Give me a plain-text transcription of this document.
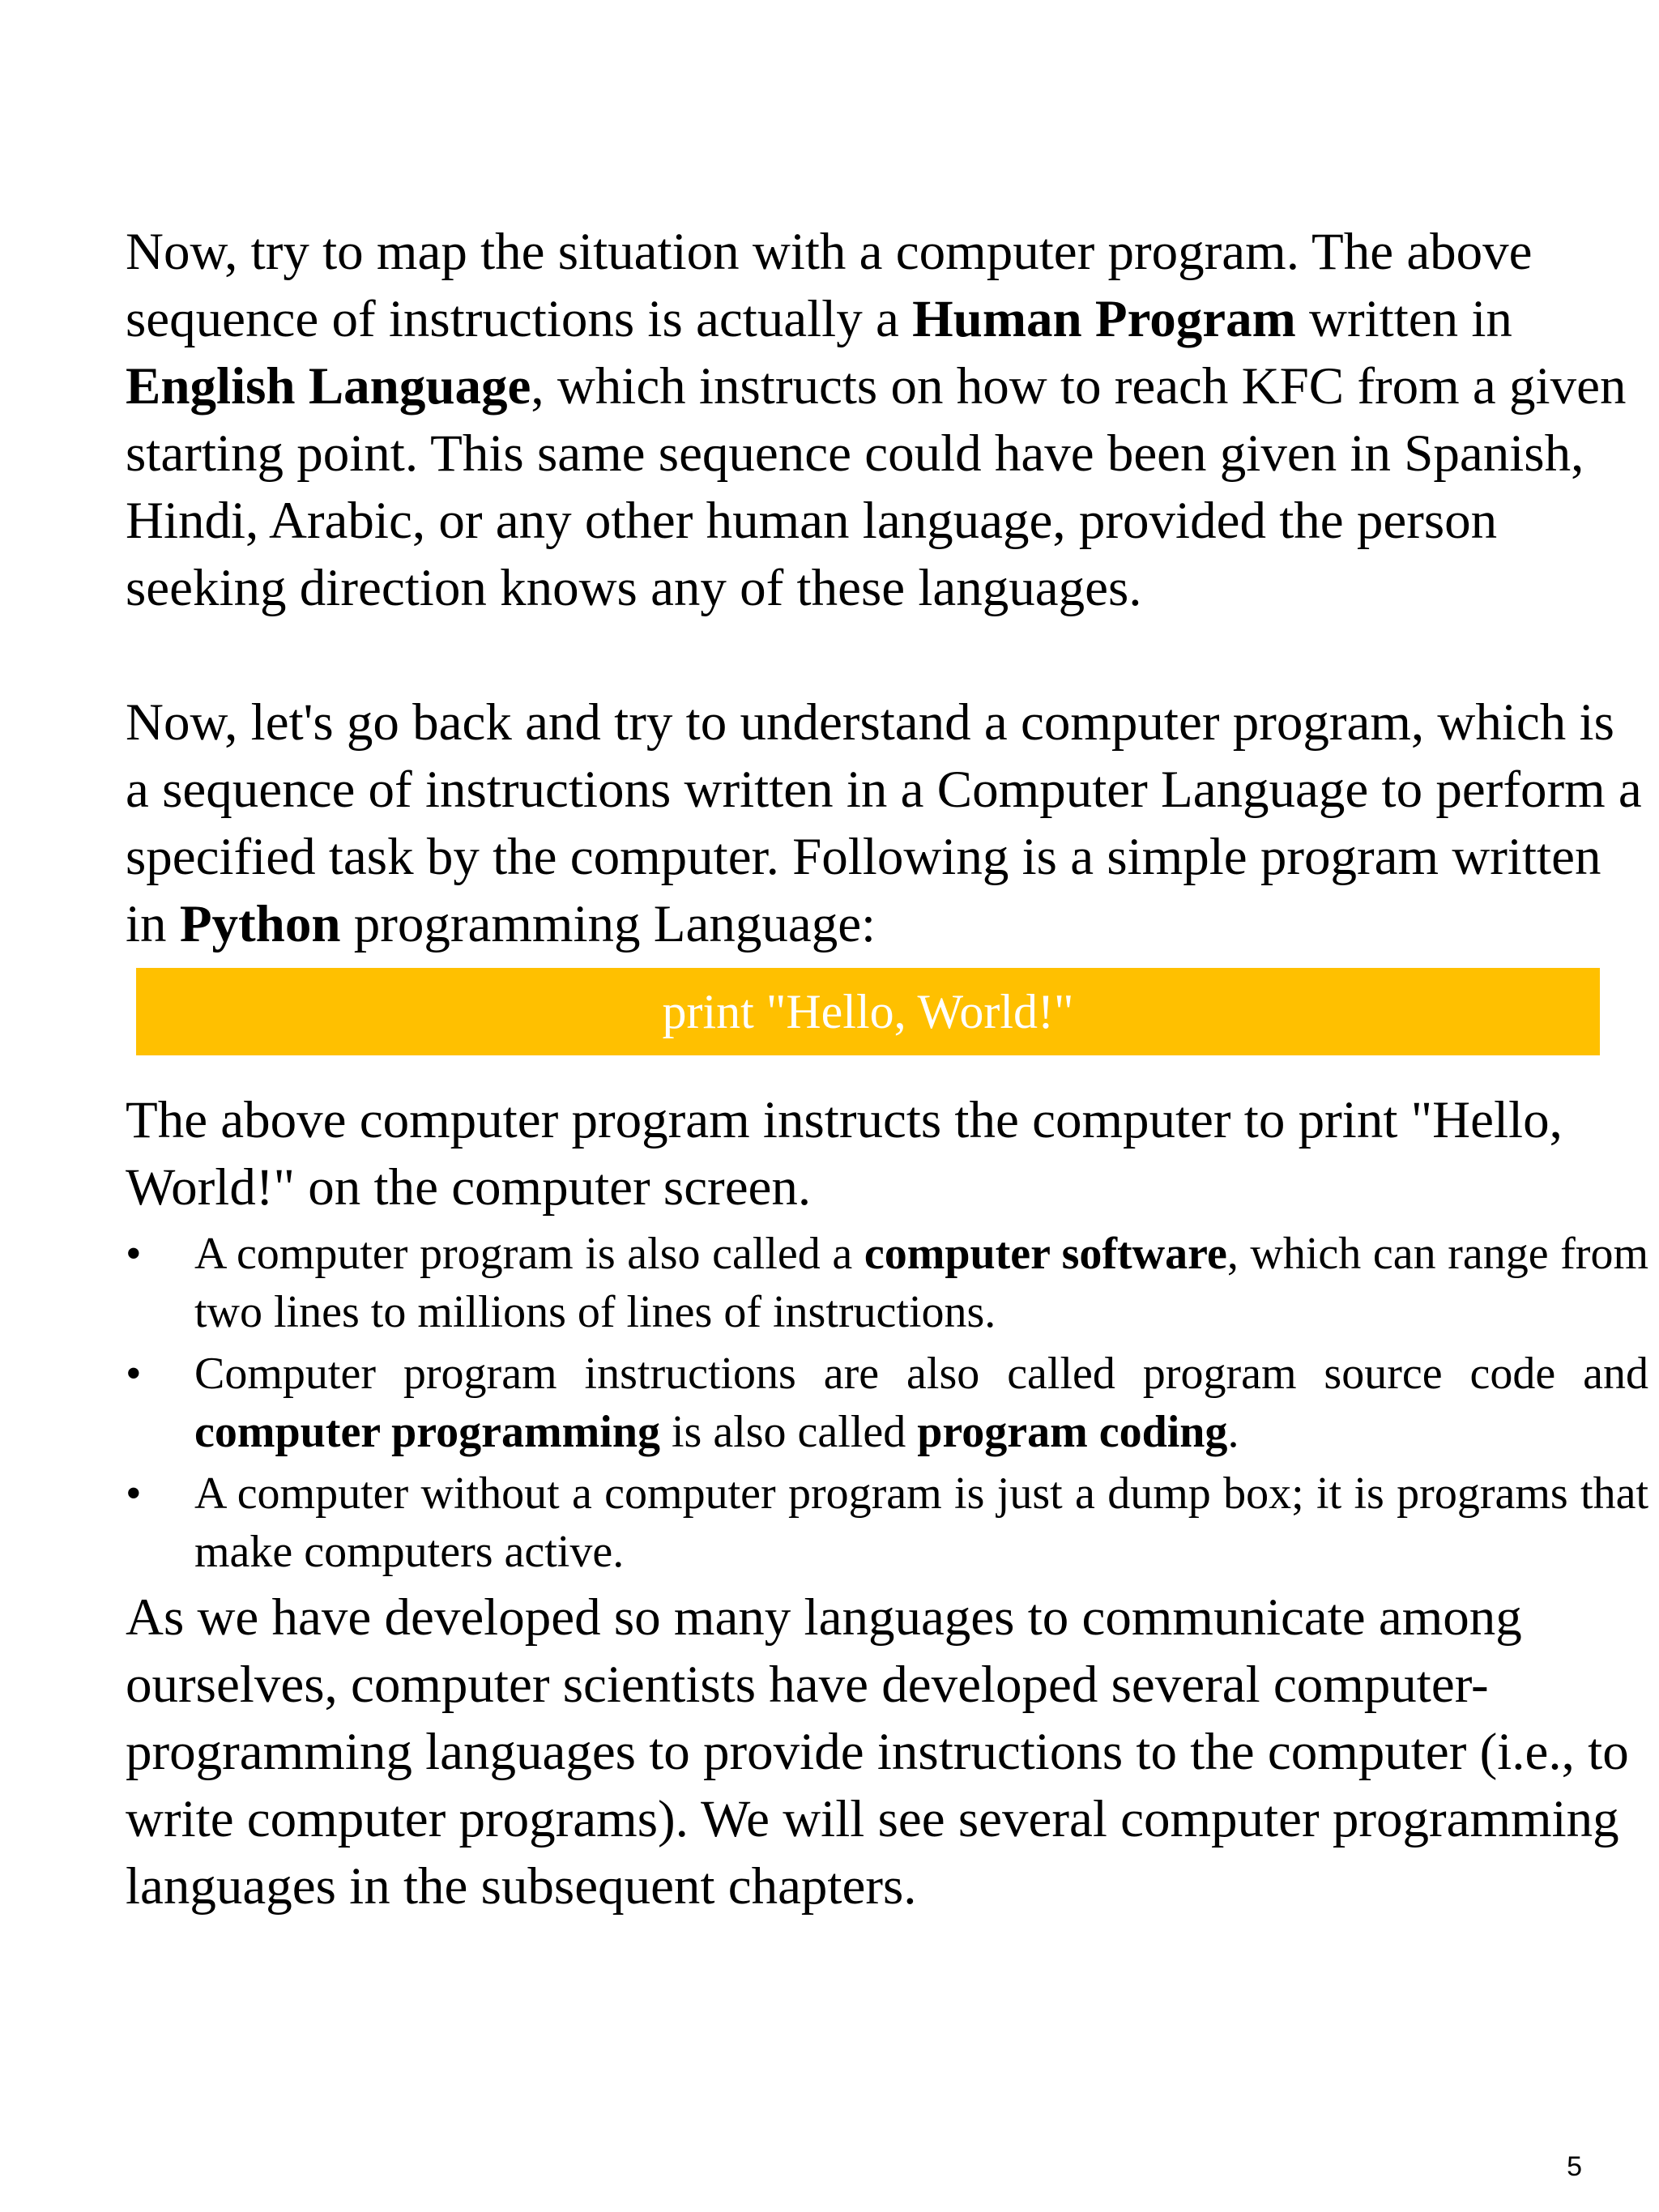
Now, try to map the situation with a computer program. The above sequence of instructions is actually a Human Program written in English Language, which instructs on how to reach KFC from a given starting point. This same sequence could have been given in Spanish, Hindi, Arabic, or any other human language, provided the person seeking direction knows any of these languages.

Now, let's go back and try to understand a computer program, which is a sequence of instructions written in a Computer Language to perform a specified task by the computer. Following is a simple program written in Python programming Language:

print "Hello, World!"

The above computer program instructs the computer to print "Hello, World!" on the computer screen.

•	A computer program is also called a computer software, which can range from two lines to millions of lines of instructions.
•	Computer program instructions are also called program source code and computer programming is also called program coding.
•	A computer without a computer program is just a dump box; it is programs that make computers active.

As we have developed so many languages to communicate among ourselves, computer scientists have developed several computer-programming languages to provide instructions to the computer (i.e., to write computer programs). We will see several computer programming languages in the subsequent chapters.

5
